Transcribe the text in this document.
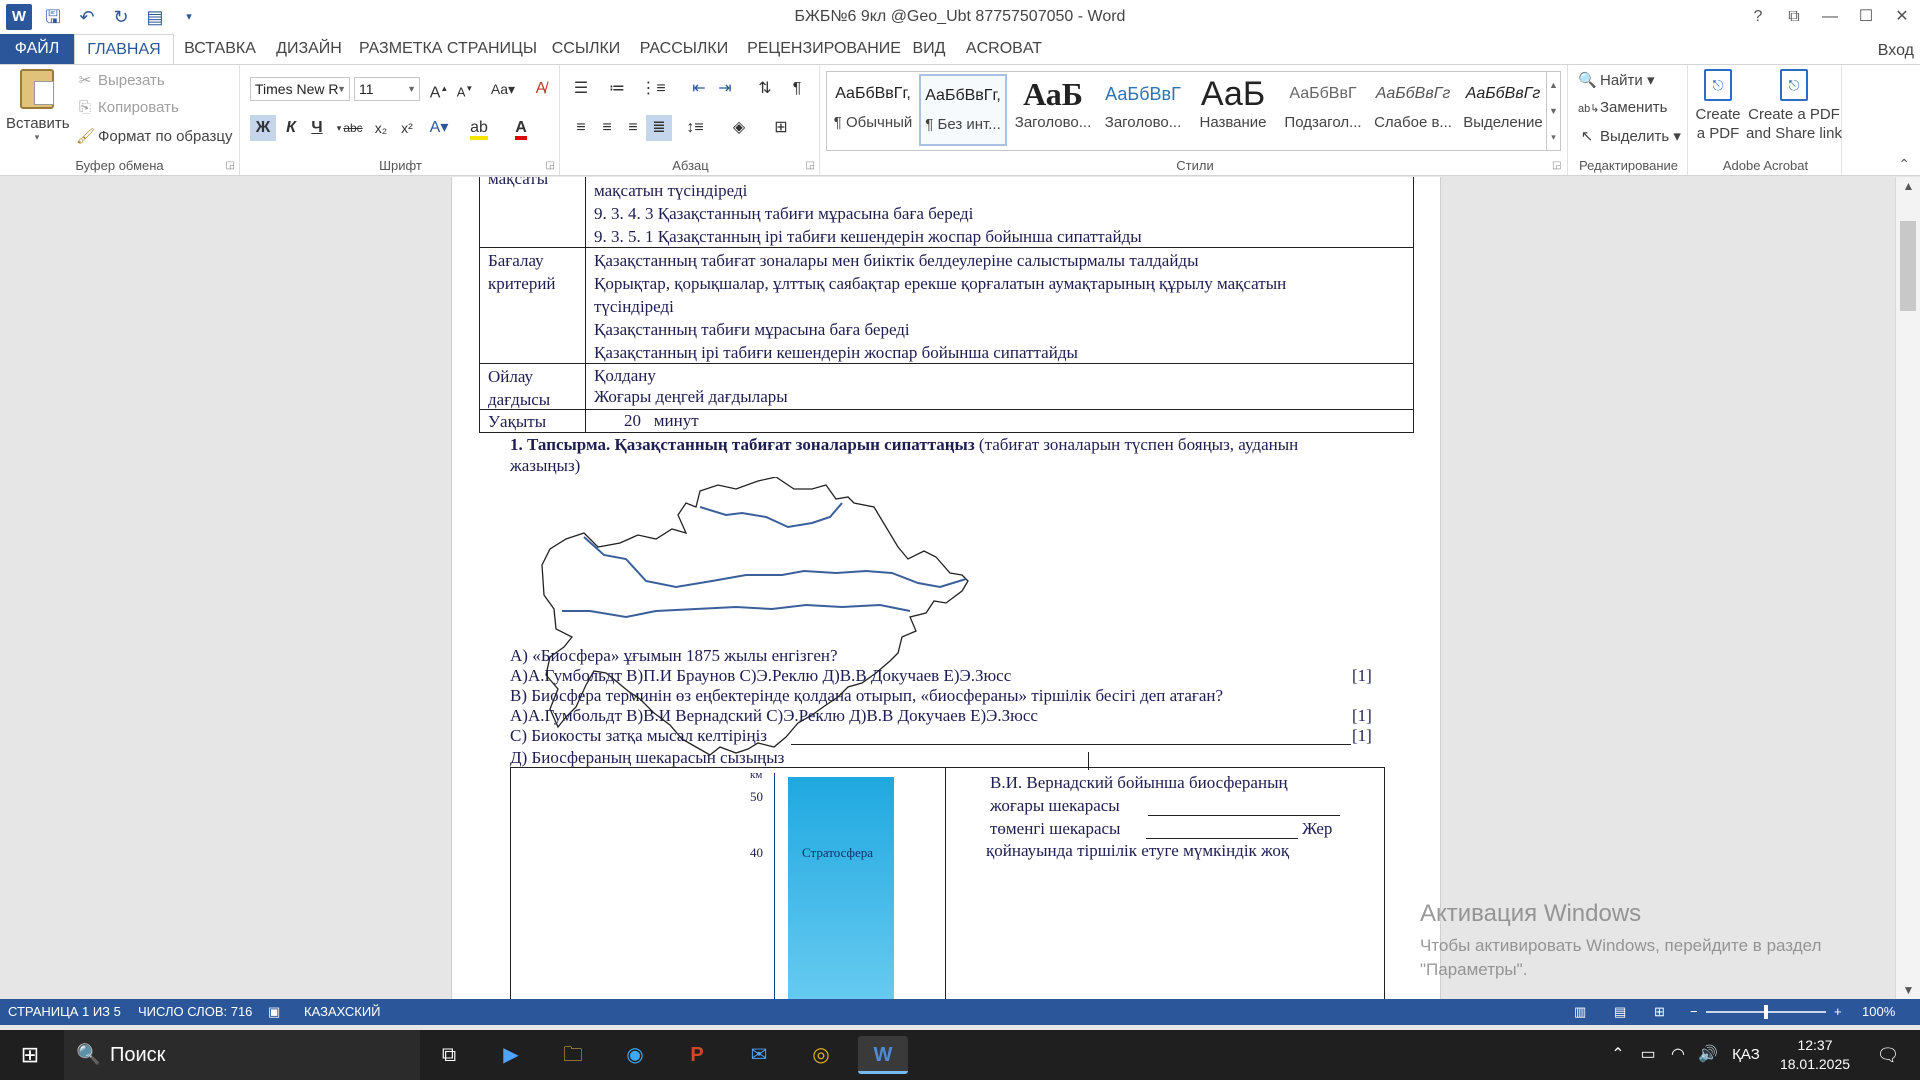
W	🖫	↶	↻ ▤	▾	БЖБ№6 9кл @Geo_Ubt 87757507050 - Word	?	⧉	—	☐	✕
ФАЙЛ	ГЛАВНАЯ	ВСТАВКА	ДИЗАЙН	РАЗМЕТКА СТРАНИЦЫ ССЫЛКИ	РАССЫЛКИ	РЕЦЕНЗИРОВАНИЕ ВИД ACROBAT	Вход
Вставить
▾
✂ Вырезать
⎘ Копировать
🖌 Формат по образцу
Буфер обмена	◲
Times New R
▼ 11	▼ A▲ A▼	Aa▾	A̸
Ж К Ч	▾ abc x₂ x²	A▾ ab	A
Шрифт	◲
☰	≔ ⋮≡	⇤ ⇥	⇅	¶
≡	≡	≡ ≣	↕≡	◈	⊞
Абзац	◲
АаБбВвГг,
¶ Обычный
АаБбВвГг,
¶ Без инт...
АаБ
Заголово...
АаБбВвГ
Заголово...
АаБ
Название
АаБбВвГ
Подзагол...
АаБбВвГг
Слабое в...
АаБбВвГг
Выделение
▲
▼
▾
Стили	◲
🔍 Найти ▾
ab↳Заменить
↖ Выделить ▾
Редактирование
⎋
Create
a PDF
⎋
Create a PDF
and Share link
Adobe Acrobat	⌃
мақсаты
мақсатын түсіндіреді
9. 3. 4. 3 Қазақстанның табиғи мұрасына баға береді
9. 3. 5. 1 Қазақстанның ірі табиғи кешендерін жоспар бойынша сипаттайды
Бағалау
критерий
Қазақстанның табиғат зоналары мен биіктік белдеулеріне салыстырмалы талдайды
Қорықтар, қорықшалар, ұлттық саябақтар ерекше қорғалатын аумақтарының құрылу мақсатын
түсіндіреді
Қазақстанның табиғи мұрасына баға береді
Қазақстанның ірі табиғи кешендерін жоспар бойынша сипаттайды
Ойлау
дағдысы
Қолдану
Жоғары деңгей дағдылары
Уақыты	20   минут
1. Тапсырма. Қазақстанның табиғат зоналарын сипаттаңыз (табиғат зоналарын түспен бояңыз, ауданын
жазыңыз)
А) «Биосфера» ұғымын 1875 жылы енгізген?
А)А.Гумбольдт В)П.И Браунов С)Э.Реклю Д)В.В Докучаев Е)Э.Зюсс	[1]
В) Биосфера терминін өз еңбектерінде қолдана отырып, «биосфераны» тіршілік бесігі деп атаған?
А)А.Гумбольдт В)В.И Вернадский С)Э.Реклю Д)В.В Докучаев Е)Э.Зюсс	[1]
С) Биокосты затқа мысал келтіріңіз	[1]
Д) Биосфераның шекарасын сызыңыз
км
50
40	Стратосфера
В.И. Вернадский бойынша биосфераның
жоғары шекарасы
төменгі шекарасы	Жер
қойнауында тіршілік етуге мүмкіндік жоқ
▲
▼
Активация Windows
Чтобы активировать Windows, перейдите в раздел
"Параметры".
СТРАНИЦА 1 ИЗ 5 ЧИСЛО СЛОВ: 716 ▣ КАЗАХСКИЙ	▥ ▤ ⊞ −	+ 100%
⊞	🔍 Поиск	⧉	▶	🗀	◉	P	✉	◎	W	⌃ ▭ ◠ 🔊 ҚАЗ
12:37
18.01.2025	🗨
